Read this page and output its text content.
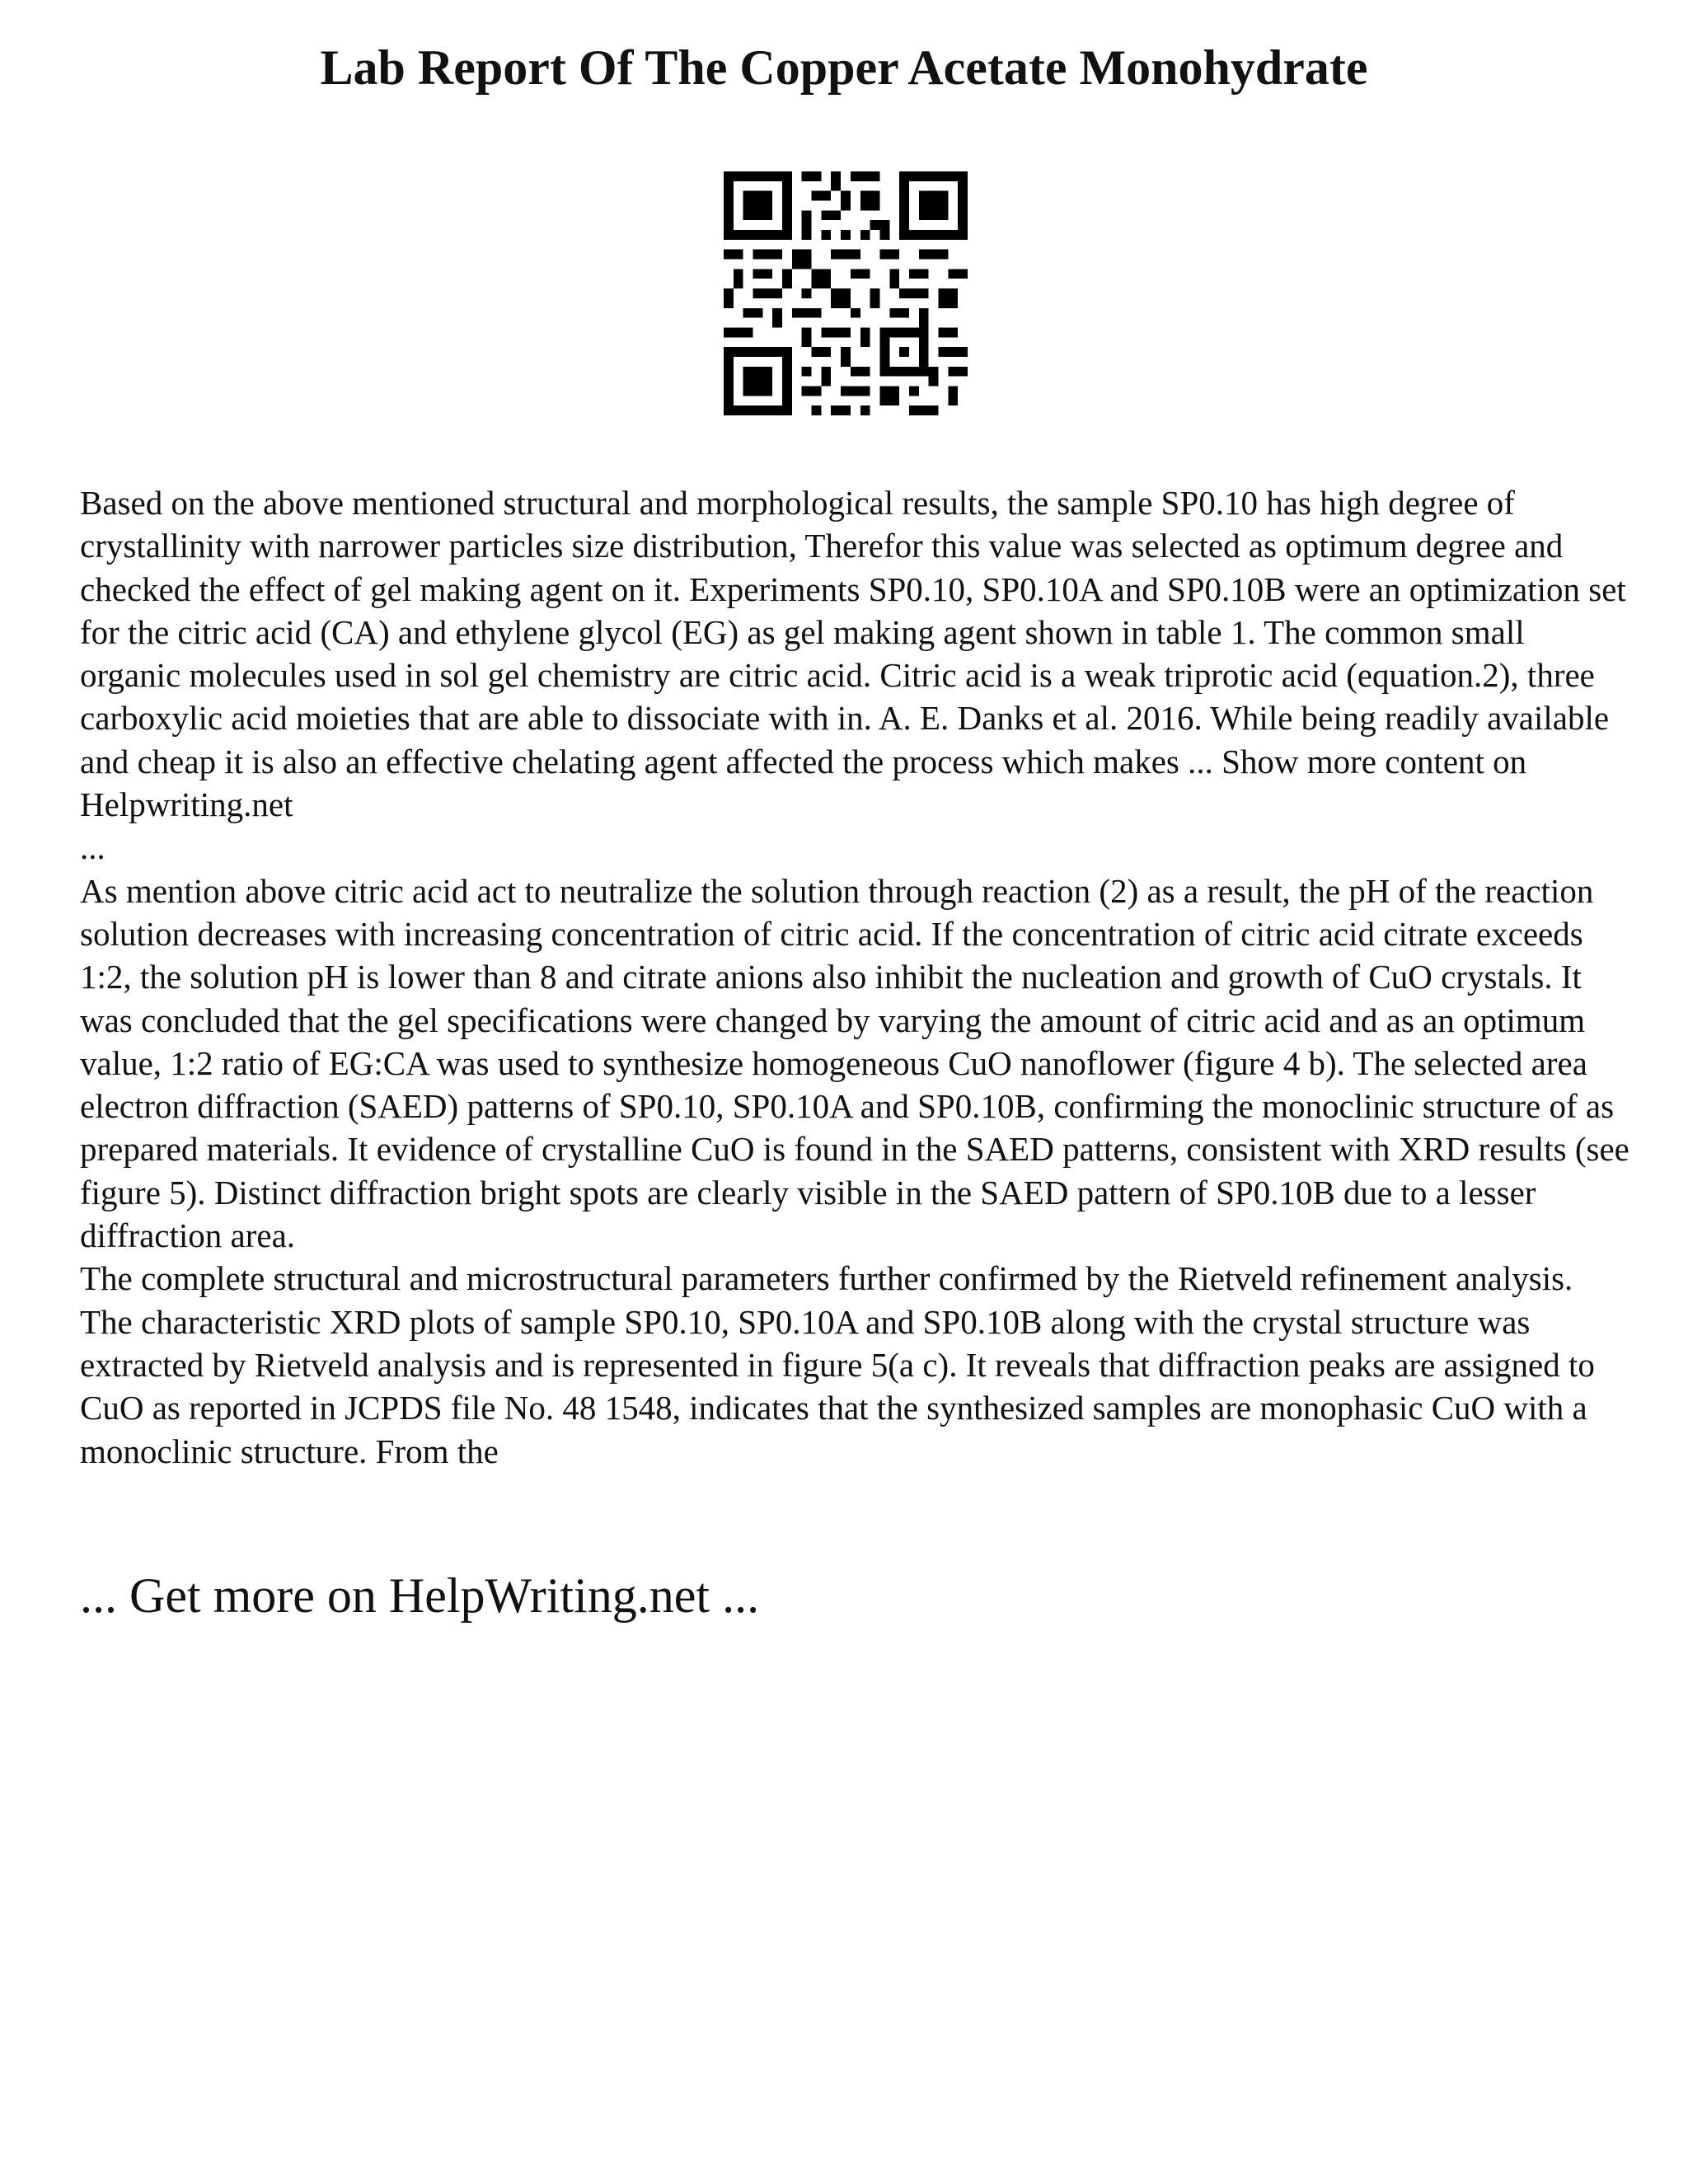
Lab Report Of The Copper Acetate Monohydrate

Based on the above mentioned structural and morphological results, the sample SP0.10 has high degree of crystallinity with narrower particles size distribution, Therefor this value was selected as optimum degree and checked the effect of gel making agent on it. Experiments SP0.10, SP0.10A and SP0.10B were an optimization set for the citric acid (CA) and ethylene glycol (EG) as gel making agent shown in table 1. The common small organic molecules used in sol gel chemistry are citric acid. Citric acid is a weak triprotic acid (equation.2), three carboxylic acid moieties that are able to dissociate with in. A. E. Danks et al. 2016. While being readily available and cheap it is also an effective chelating agent affected the process which makes ... Show more content on Helpwriting.net

...

As mention above citric acid act to neutralize the solution through reaction (2) as a result, the pH of the reaction solution decreases with increasing concentration of citric acid. If the concentration of citric acid citrate exceeds 1:2, the solution pH is lower than 8 and citrate anions also inhibit the nucleation and growth of CuO crystals. It was concluded that the gel specifications were changed by varying the amount of citric acid and as an optimum value, 1:2 ratio of EG:CA was used to synthesize homogeneous CuO nanoflower (figure 4 b). The selected area electron diffraction (SAED) patterns of SP0.10, SP0.10A and SP0.10B, confirming the monoclinic structure of as prepared materials. It evidence of crystalline CuO is found in the SAED patterns, consistent with XRD results (see figure 5). Distinct diffraction bright spots are clearly visible in the SAED pattern of SP0.10B due to a lesser diffraction area.

The complete structural and microstructural parameters further confirmed by the Rietveld refinement analysis. The characteristic XRD plots of sample SP0.10, SP0.10A and SP0.10B along with the crystal structure was extracted by Rietveld analysis and is represented in figure 5(a c). It reveals that diffraction peaks are assigned to CuO as reported in JCPDS file No. 48 1548, indicates that the synthesized samples are monophasic CuO with a monoclinic structure. From the

... Get more on HelpWriting.net ...
